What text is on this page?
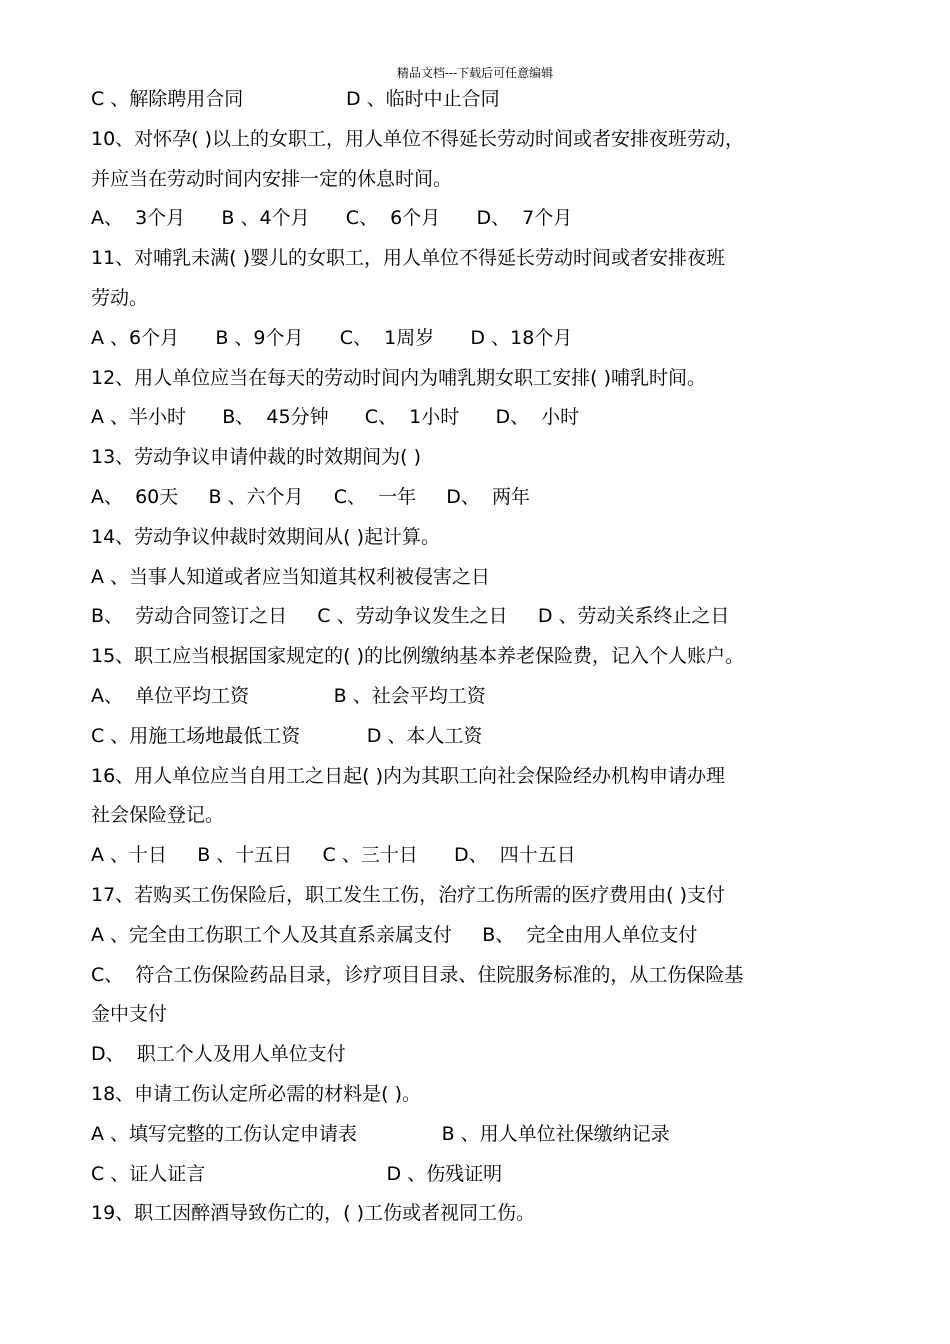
精品文档---下载后可任意编辑
C 、解除聘用合同                 D 、临时中止合同
10、对怀孕( )以上的女职工，用人单位不得延长劳动时间或者安排夜班劳动，
并应当在劳动时间内安排一定的休息时间。
A、  3个月      B 、4个月      C、  6个月      D、  7个月
11、对哺乳未满( )婴儿的女职工，用人单位不得延长劳动时间或者安排夜班
劳动。
A 、6个月      B 、9个月      C、  1周岁      D 、18个月
12、用人单位应当在每天的劳动时间内为哺乳期女职工安排( )哺乳时间。
A 、半小时      B、  45分钟      C、  1小时      D、  小时
13、劳动争议申请仲裁的时效期间为( )
A、  60天     B 、六个月     C、  一年     D、  两年
14、劳动争议仲裁时效期间从( )起计算。
A 、当事人知道或者应当知道其权利被侵害之日
B、  劳动合同签订之日     C 、劳动争议发生之日     D 、劳动关系终止之日
15、职工应当根据国家规定的( )的比例缴纳基本养老保险费，记入个人账户。
A、  单位平均工资              B 、社会平均工资
C 、用施工场地最低工资           D 、本人工资
16、用人单位应当自用工之日起( )内为其职工向社会保险经办机构申请办理
社会保险登记。
A 、十日     B 、十五日     C 、三十日      D、  四十五日
17、若购买工伤保险后，职工发生工伤，治疗工伤所需的医疗费用由( )支付
A 、完全由工伤职工个人及其直系亲属支付     B、  完全由用人单位支付
C、  符合工伤保险药品目录，诊疗项目目录、住院服务标准的，从工伤保险基
金中支付
D、  职工个人及用人单位支付
18、申请工伤认定所必需的材料是( )。
A 、填写完整的工伤认定申请表              B 、用人单位社保缴纳记录
C 、证人证言                              D 、伤残证明
19、职工因醉酒导致伤亡的，( )工伤或者视同工伤。
